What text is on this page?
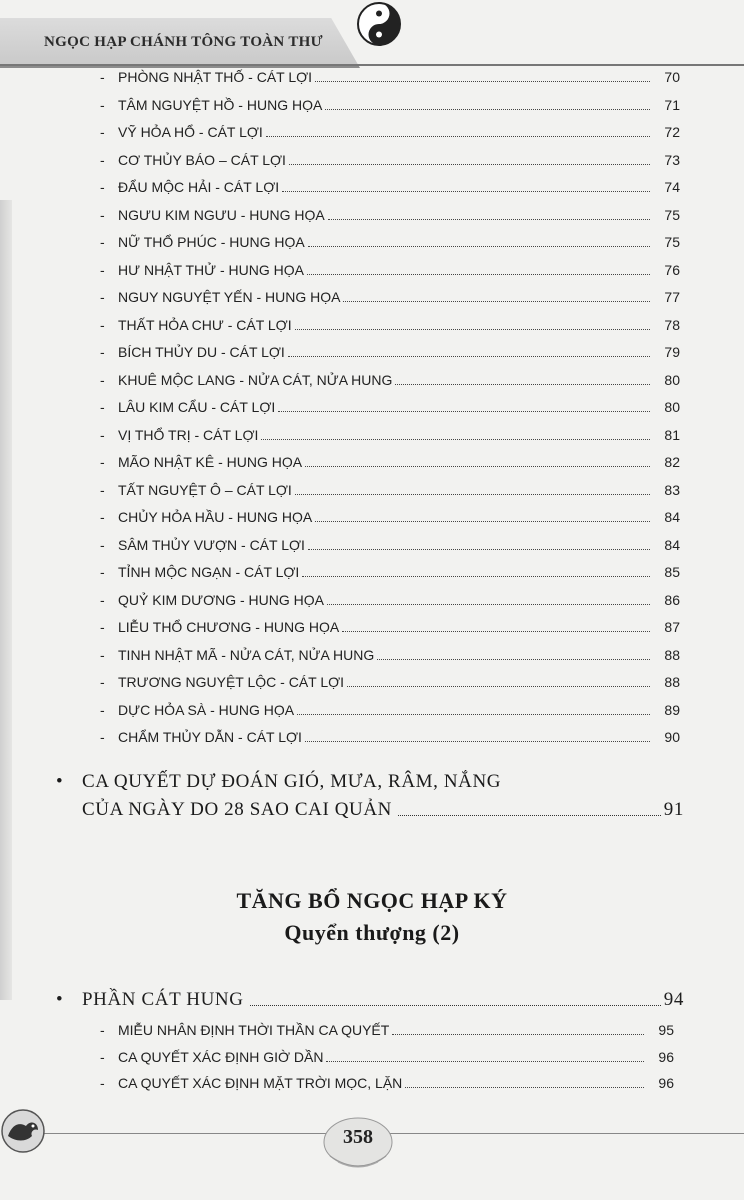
NGỌC HẠP CHÁNH TÔNG TOÀN THƯ
- PHÒNG NHẬT THỐ - CÁT LỢI	70
- TÂM NGUYỆT HỒ - HUNG HỌA	71
- VỸ HỎA HỔ - CÁT LỢI	72
- CƠ THỦY BÁO – CÁT LỢI	73
- ĐẨU MỘC HẢI - CÁT LỢI	74
- NGƯU KIM NGƯU - HUNG HỌA	75
- NỮ THỔ PHÚC - HUNG HỌA	75
- HƯ NHẬT THỬ - HUNG HỌA	76
- NGUY NGUYỆT YẾN - HUNG HỌA	77
- THẤT HỎA CHƯ - CÁT LỢI	78
- BÍCH THỦY DU - CÁT LỢI	79
- KHUÊ MỘC LANG - NỬA CÁT, NỬA HUNG	80
- LÂU KIM CẨU - CÁT LỢI	80
- VỊ THỔ TRỊ - CÁT LỢI	81
- MÃO NHẬT KÊ - HUNG HỌA	82
- TẤT NGUYỆT Ô – CÁT LỢI	83
- CHỦY HỎA HẦU - HUNG HỌA	84
- SÂM THỦY VƯỢN - CÁT LỢI	84
- TỈNH MỘC NGẠN - CÁT LỢI	85
- QUỶ KIM DƯƠNG - HUNG HỌA	86
- LIỄU THỔ CHƯƠNG - HUNG HỌA	87
- TINH NHẬT MÃ - NỬA CÁT, NỬA HUNG	88
- TRƯƠNG NGUYỆT LỘC - CÁT LỢI	88
- DỰC HỎA SÀ - HUNG HỌA	89
- CHẨM THỦY DẪN - CÁT LỢI	90
• CA QUYẾT DỰ ĐOÁN GIÓ, MƯA, RÂM, NẮNG
CỦA NGÀY DO 28 SAO CAI QUẢN	91
TĂNG BỔ NGỌC HẠP KÝ
Quyển thượng (2)
• PHẦN CÁT HUNG	94
- MIỄU NHÂN ĐỊNH THỜI THẦN CA QUYẾT	95
- CA QUYẾT XÁC ĐỊNH GIỜ DẦN	96
- CA QUYẾT XÁC ĐỊNH MẶT TRỜI MỌC, LẶN	96
358
